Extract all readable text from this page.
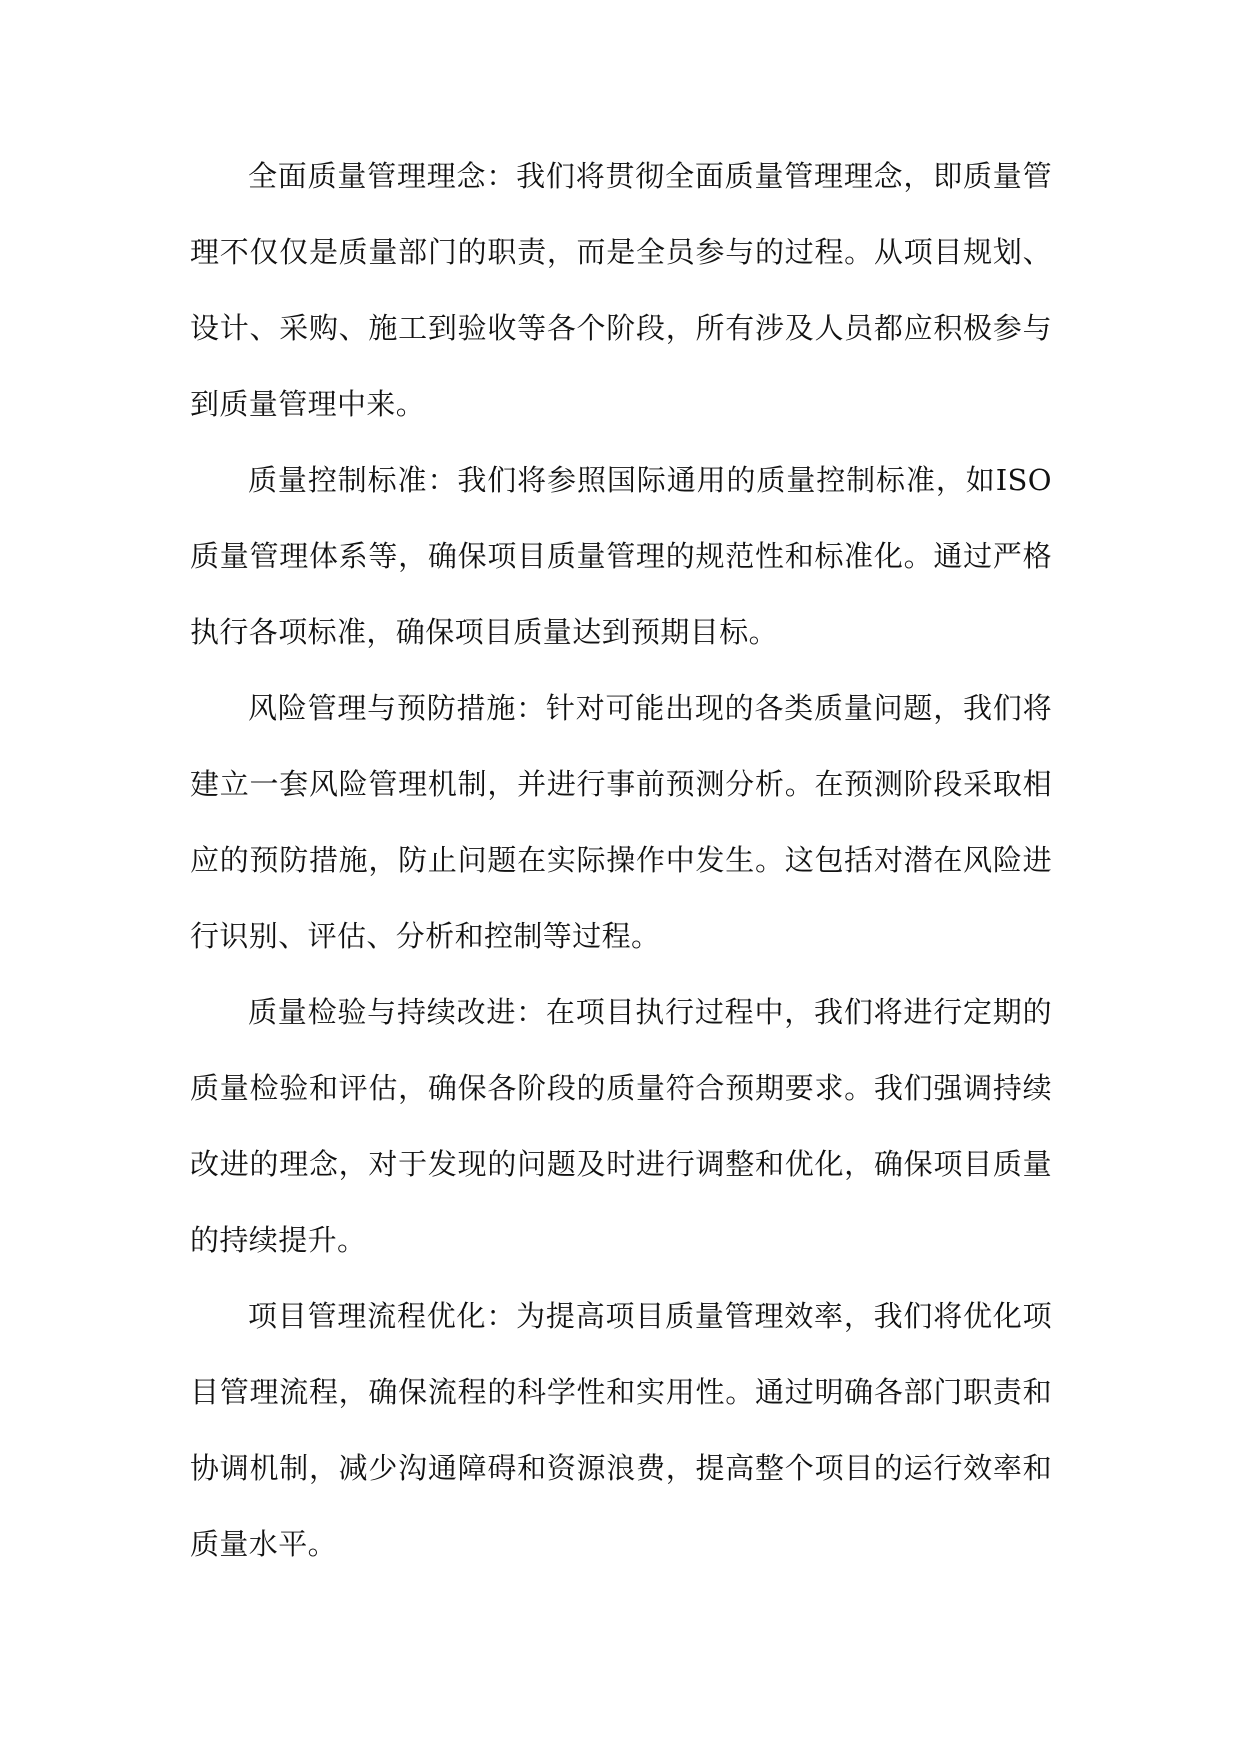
全面质量管理理念：我们将贯彻全面质量管理理念，即质量管理不仅仅是质量部门的职责，而是全员参与的过程。从项目规划、设计、采购、施工到验收等各个阶段，所有涉及人员都应积极参与到质量管理中来。

质量控制标准：我们将参照国际通用的质量控制标准，如ISO质量管理体系等，确保项目质量管理的规范性和标准化。通过严格执行各项标准，确保项目质量达到预期目标。

风险管理与预防措施：针对可能出现的各类质量问题，我们将建立一套风险管理机制，并进行事前预测分析。在预测阶段采取相应的预防措施，防止问题在实际操作中发生。这包括对潜在风险进行识别、评估、分析和控制等过程。

质量检验与持续改进：在项目执行过程中，我们将进行定期的质量检验和评估，确保各阶段的质量符合预期要求。我们强调持续改进的理念，对于发现的问题及时进行调整和优化，确保项目质量的持续提升。

项目管理流程优化：为提高项目质量管理效率，我们将优化项目管理流程，确保流程的科学性和实用性。通过明确各部门职责和协调机制，减少沟通障碍和资源浪费，提高整个项目的运行效率和质量水平。
